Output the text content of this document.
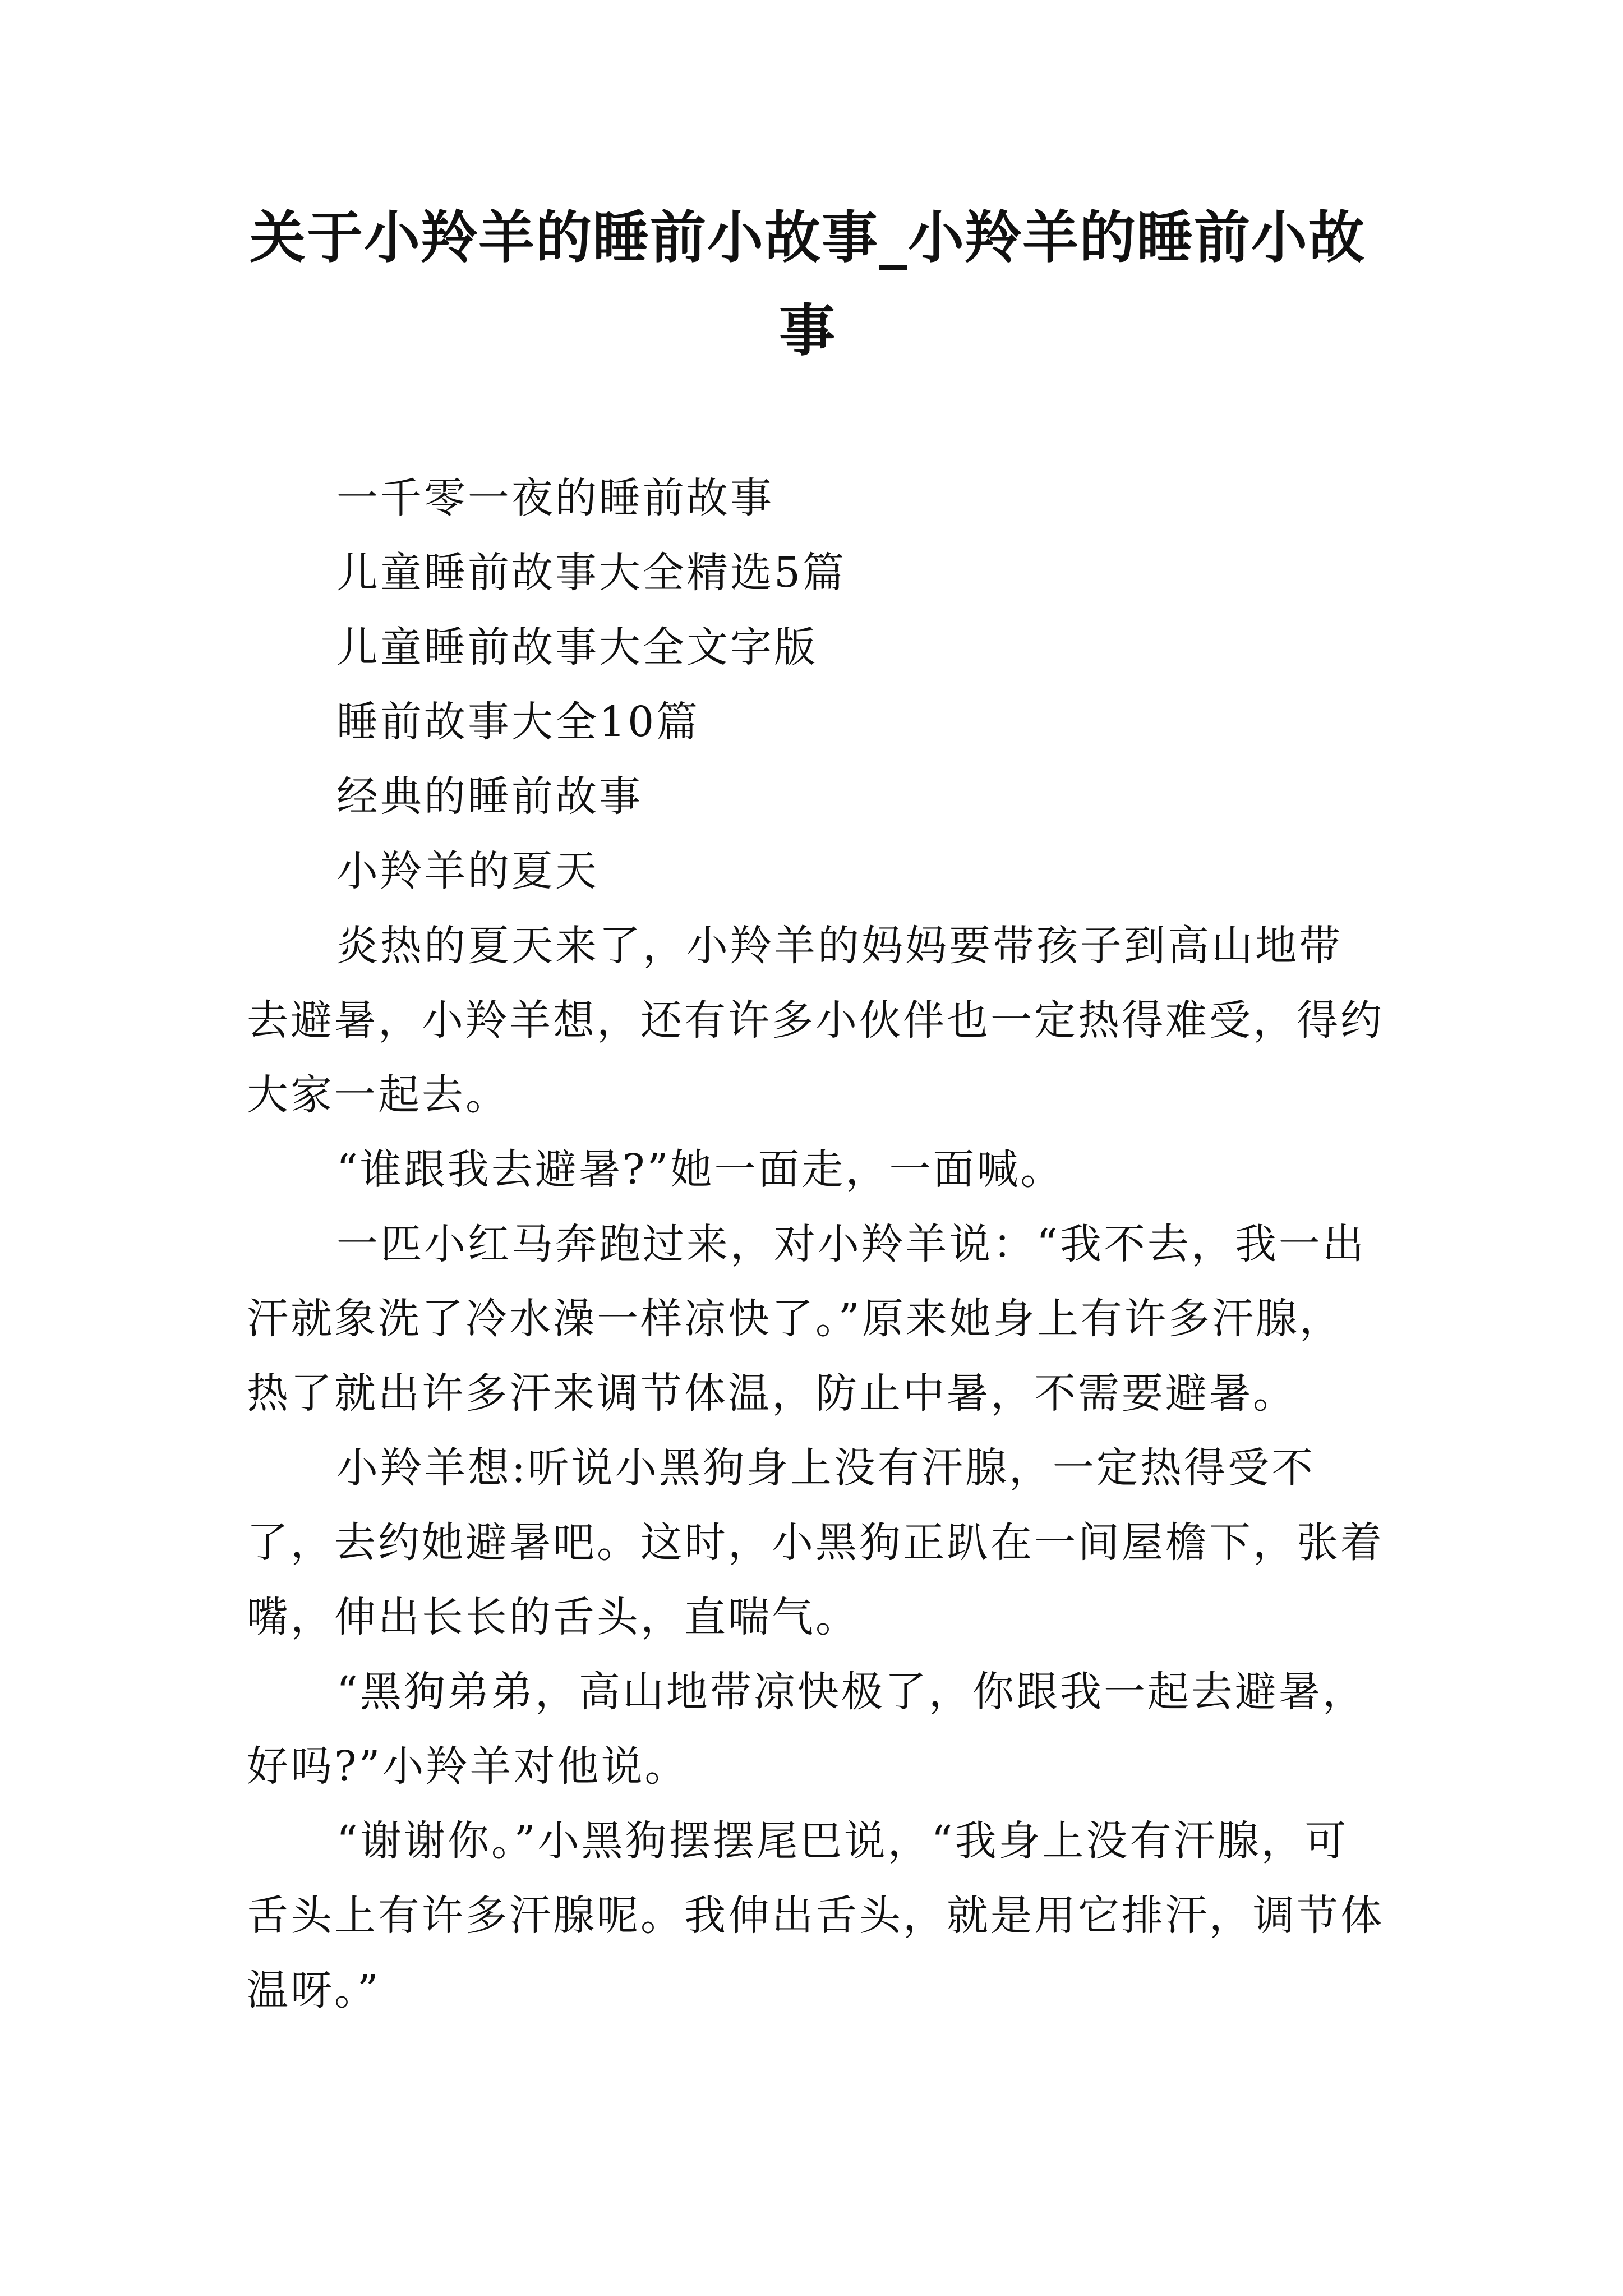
关于小羚羊的睡前小故事_小羚羊的睡前小故事

一千零一夜的睡前故事

儿童睡前故事大全精选5篇

儿童睡前故事大全文字版

睡前故事大全10篇

经典的睡前故事

小羚羊的夏天

炎热的夏天来了，小羚羊的妈妈要带孩子到高山地带去避暑，小羚羊想，还有许多小伙伴也一定热得难受，得约大家一起去。

“谁跟我去避暑?”她一面走，一面喊。

一匹小红马奔跑过来，对小羚羊说：“我不去，我一出汗就象洗了冷水澡一样凉快了。”原来她身上有许多汗腺，热了就出许多汗来调节体温，防止中暑，不需要避暑。

小羚羊想:听说小黑狗身上没有汗腺，一定热得受不了，去约她避暑吧。这时，小黑狗正趴在一间屋檐下，张着嘴，伸出长长的舌头，直喘气。

“黑狗弟弟，高山地带凉快极了，你跟我一起去避暑，好吗?”小羚羊对他说。

“谢谢你。”小黑狗摆摆尾巴说，“我身上没有汗腺，可舌头上有许多汗腺呢。我伸出舌头，就是用它排汗，调节体温呀。”
